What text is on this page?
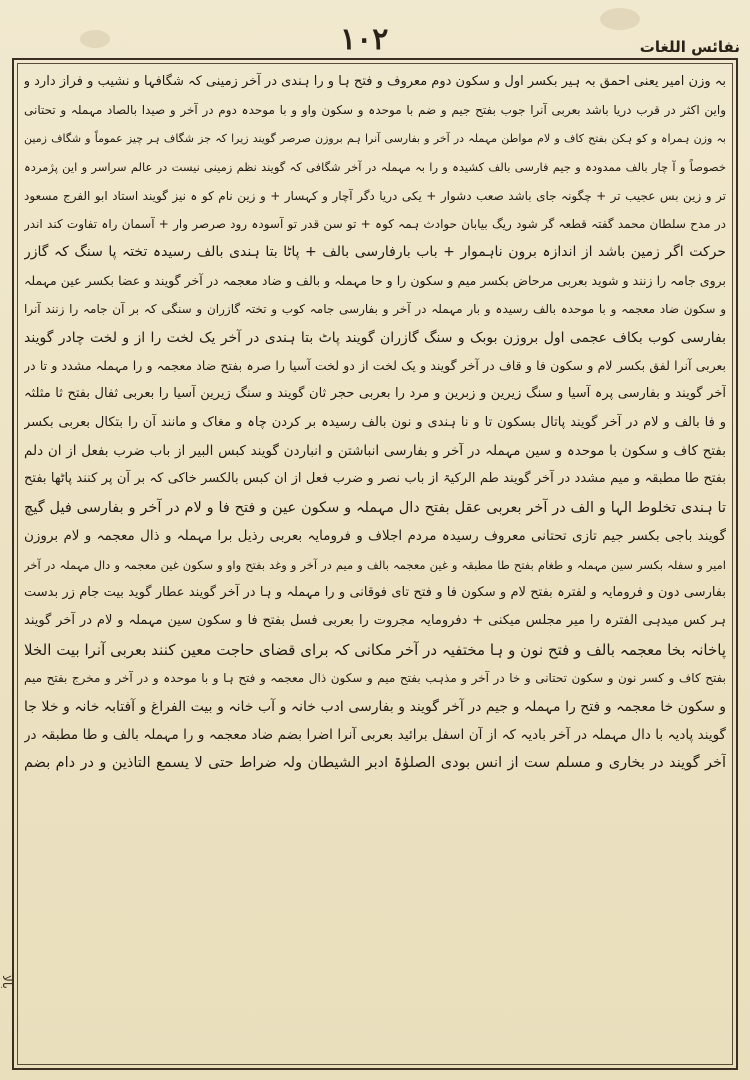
۱۰۲	نفائس اللغات
بہ وزن امیر یعنی احمق بہ ہیر بکسر اول و سکون دوم معروف و فتح ہا و را ہندی در آخر زمینی کہ شگافہا و نشیب و فراز دارد و
واین اکثر در قرب دریا باشد بعربی آنرا جوب بفتح جیم و ضم با موحدہ و سکون واو و با موحدہ دوم در آخر و صیدا بالصاد مہملہ و تحتانی
بہ وزن ہمراہ و کو ہکن بفتح کاف و لام مواطن مہملہ در آخر و بفارسی آنرا ہم بروزن صرصر گویند زیرا کہ جز شگاف ہر چیز عموماً و شگاف زمین
خصوصاً و آ چار بالف ممدودہ و جیم فارسی بالف کشیدہ و را بہ مہملہ در آخر شگافی کہ گویند نظم زمینی نیست در عالم سراسر و این پژمردہ
تر و زین بس عجیب تر + چگونہ جای باشد صعب دشوار + یکی دریا دگر آچار و کہسار + و زین نام کو ہ نیز گویند استاد ابو الفرج مسعود
در مدح سلطان محمد گفتہ قطعہ گر شود ریگ بیابان حوادث ہمہ کوہ + تو سن قدر تو آسودہ رود صرصر وار + آسمان راہ تفاوت کند اندر
حرکت اگر زمین باشد از اندازہ برون ناہموار + باب بارفارسی بالف + پاٹا بتا ہندی بالف رسیدہ تختہ پا سنگ کہ گازر
بروی جامہ را زنند و شوید بعربی مرحاض بکسر میم و سکون را و حا مہملہ و بالف و ضاد معجمہ در آخر گویند و عضا بکسر عین مہملہ
و سکون ضاد معجمہ و با موحدہ بالف رسیدہ و بار مہملہ در آخر و بفارسی جامہ کوب و تختہ گازران و سنگی کہ بر آن جامہ را زنند آنرا
بفارسی کوب بکاف عجمی اول بروزن بوبک و سنگ گازران گویند پاٹ بتا ہندی در آخر یک لخت را از و لخت چادر گویند
بعربی آنرا لفق بکسر لام و سکون فا و قاف در آخر گویند و یک لخت از دو لخت آسیا را صرہ بفتح ضاد معجمہ و را مہملہ مشدد و تا در
آخر گویند و بفارسی پرہ آسیا و سنگ زیرین و زبرین و مرد را بعربی حجر ثان گویند و سنگ زیرین آسیا را بعربی ثفال بفتح ثا مثلثہ
و فا بالف و لام در آخر گویند پاتال بسکون تا و نا ہندی و نون بالف رسیدہ بر کردن چاہ و مغاک و مانند آن را بتکال بعربی بکسر
بفتح کاف و سکون با موحدہ و سین مہملہ در آخر و بفارسی انباشتن و انباردن گویند کبس البیر از باب ضرب بفعل از ان دلم
بفتح طا مطبقہ و میم مشدد در آخر گویند طم الرکیۃ از باب نصر و ضرب فعل از ان کبس بالکسر خاکی کہ بر آن پر کنند پاٹھا بفتح
تا ہندی تخلوط الہا و الف در آخر بعربی عقل بفتح دال مہملہ و سکون عین و فتح فا و لام در آخر و بفارسی فیل گیچ
گویند باجی بکسر جیم تازی تحتانی معروف رسیدہ مردم اجلاف و فرومایہ بعربی رذیل برا مہملہ و ذال معجمہ و لام بروزن
امیر و سفلہ بکسر سین مہملہ و طغام بفتح طا مطبقہ و غین معجمہ بالف و میم در آخر و وغد بفتح واو و سکون غین معجمہ و دال مہملہ در آخر
بفارسی دون و فرومایہ و لفترہ بفتح لام و سکون فا و فتح تای فوقانی و را مہملہ و ہا در آخر گویند عطار گوید بیت جام زر بدست
ہر کس میدہی الفترہ را میر مجلس میکنی + دفرومایہ مجروت را بعربی فسل بفتح فا و سکون سین مہملہ و لام در آخر گویند
پاخانہ بخا معجمہ بالف و فتح نون و ہا مختفیہ در آخر مکانی کہ برای قضای حاجت معین کنند بعربی آنرا بیت الخلا
بفتح کاف و کسر نون و سکون تحتانی و خا در آخر و مذہب بفتح میم و سکون ذال معجمہ و فتح ہا و با موحدہ و در آخر و مخرج بفتح میم
و سکون خا معجمہ و فتح را مہملہ و جیم در آخر گویند و بفارسی ادب خانہ و آب خانہ و بیت الفراغ و آفتابہ خانہ و خلا جا
گویند پادیہ با دال مہملہ در آخر بادیہ کہ از آن اسفل برائید بعربی آنرا اضرا بضم ضاد معجمہ و را مہملہ بالف و طا مطبقہ در
آخر گویند در بخاری و مسلم ست از انس بودی الصلوٰۃ ادبر الشیطان ولہ ضراط حتی لا یسمع التاذین و در دام بضم
بالا
